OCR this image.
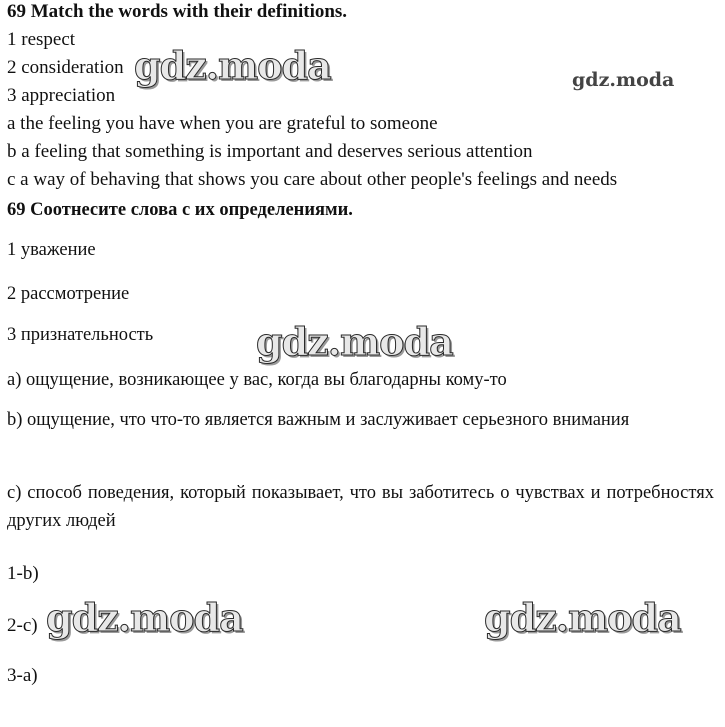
69 Match the words with their definitions.

1 respect

2 consideration

3 appreciation

a the feeling you have when you are grateful to someone

b a feeling that something is important and deserves serious attention

c a way of behaving that shows you care about other people's feelings and needs

69 Соотнесите слова с их определениями.

1 уважение

2 рассмотрение

3 признательность

а) ощущение, возникающее у вас, когда вы благодарны кому-то

b) ощущение, что что-то является важным и заслуживает серьезного внимания

с) способ поведения, который показывает, что вы заботитесь о чувствах и потребностях других людей

1-b)

2-c)

3-a)

gdz.moda	gdz.moda
gdz.moda
gdz.moda	gdz.moda
